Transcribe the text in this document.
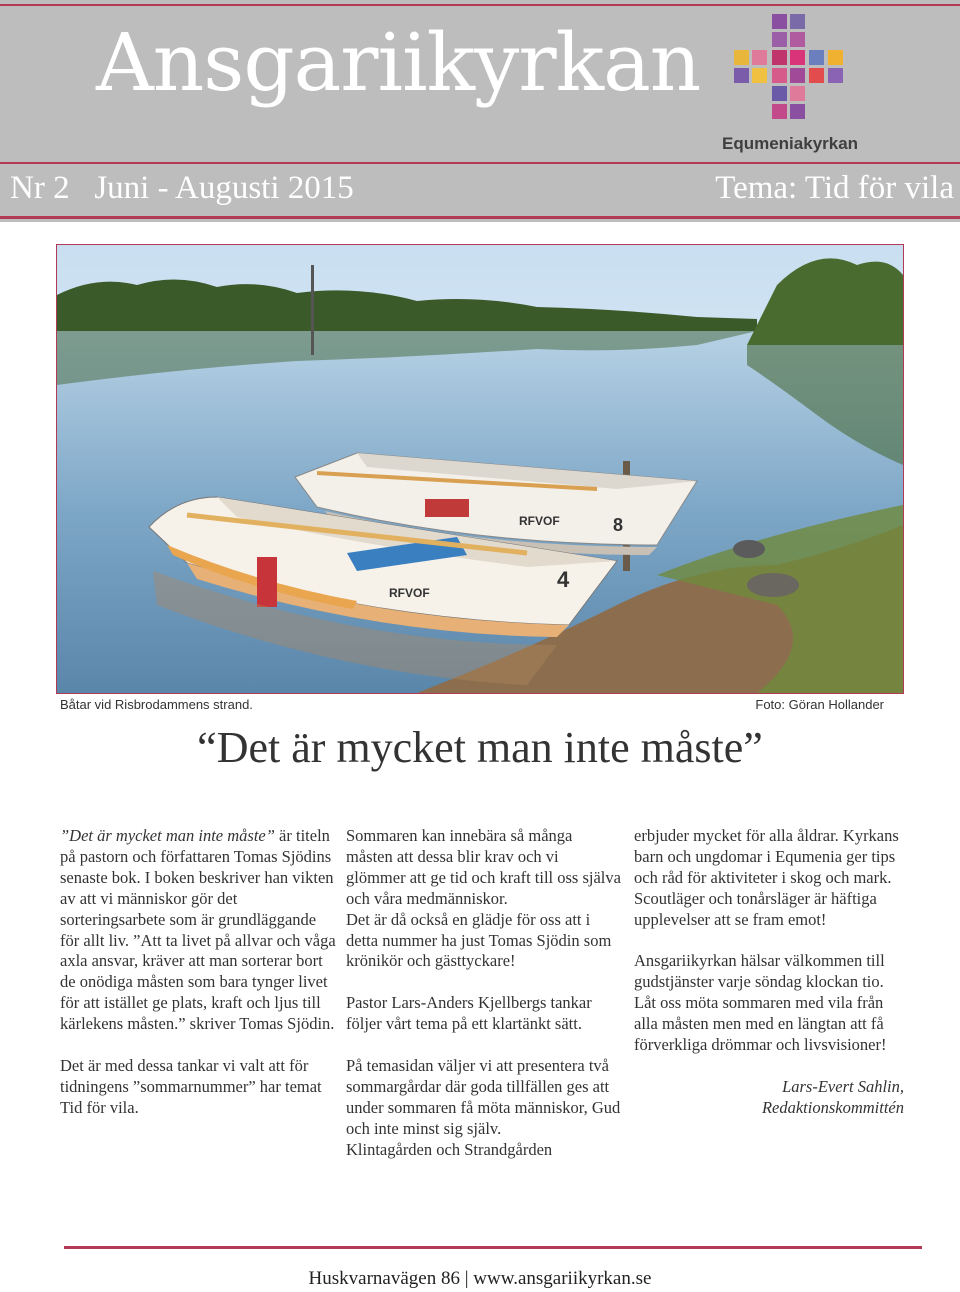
Ansgariikyrkan
Equmeniakyrkan
Nr 2 Juni - Augusti 2015	Tema: Tid för vila
RFVOF	8
RFVOF
4
Båtar vid Risbrodammens strand.	Foto: Göran Hollander
“Det är mycket man inte måste”

”Det är mycket man inte måste” är titeln på pastorn och författaren Tomas Sjödins senaste bok. I boken beskriver han vikten av att vi människor gör det sorteringsarbete som är grundläggande för allt liv. ”Att ta livet på allvar och våga axla ansvar, kräver att man sorterar bort de onödiga måsten som bara tynger livet för att istället ge plats, kraft och ljus till kärlekens måsten.” skriver Tomas Sjödin.

Det är med dessa tankar vi valt att för tidningens ”sommarnummer” har temat Tid för vila.

Sommaren kan innebära så många måsten att dessa blir krav och vi glömmer att ge tid och kraft till oss själva och våra medmänniskor.
Det är då också en glädje för oss att i detta nummer ha just Tomas Sjödin som krönikör och gästtyckare!

Pastor Lars-Anders Kjellbergs tankar följer vårt tema på ett klartänkt sätt.

På temasidan väljer vi att presentera två sommargårdar där goda tillfällen ges att under sommaren få möta människor, Gud och inte minst sig själv.
Klintagården och Strandgården

erbjuder mycket för alla åldrar. Kyrkans barn och ungdomar i Equmenia ger tips och råd för aktiviteter i skog och mark.
Scoutläger och tonårsläger är häftiga upplevelser att se fram emot!

Ansgariikyrkan hälsar välkommen till gudstjänster varje söndag klockan tio.
Låt oss möta sommaren med vila från alla måsten men med en längtan att få förverkliga drömmar och livsvisioner!

Lars-Evert Sahlin,
Redaktionskommittén

Huskvarnavägen 86 | www.ansgariikyrkan.se
